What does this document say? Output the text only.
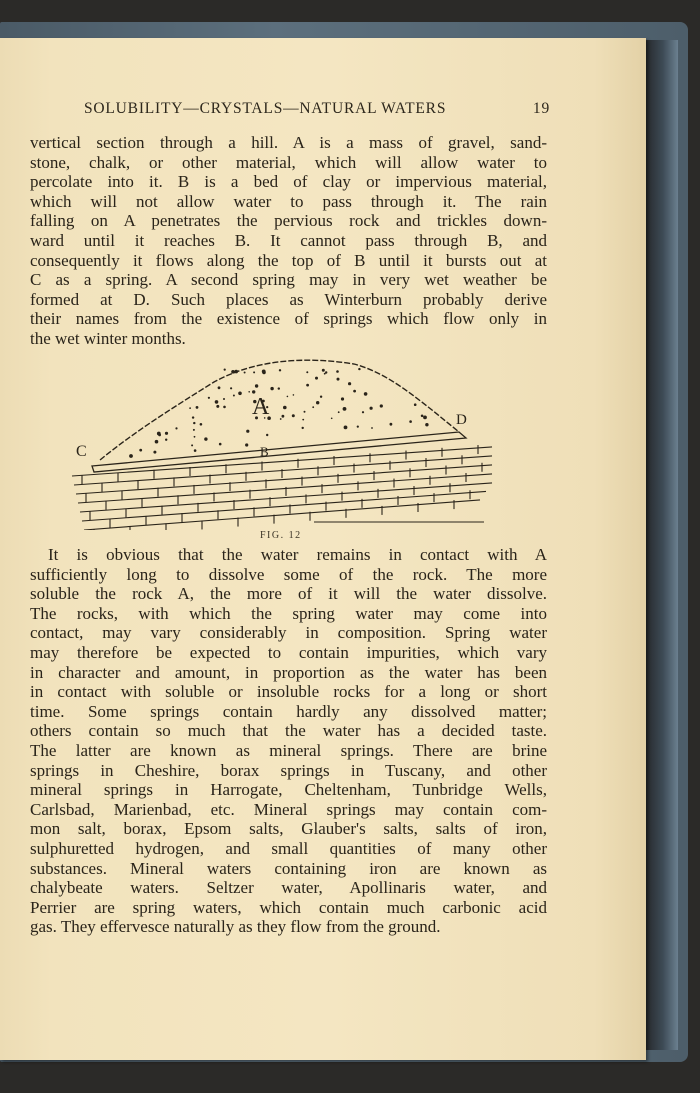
SOLUBILITY—CRYSTALS—NATURAL WATERS	19
vertical section through a hill. A is a mass of gravel, sand-
stone, chalk, or other material, which will allow water to
percolate into it. B is a bed of clay or impervious material,
which will not allow water to pass through it. The rain
falling on A penetrates the pervious rock and trickles down-
ward until it reaches B. It cannot pass through B, and
consequently it flows along the top of B until it bursts out at
C as a spring. A second spring may in very wet weather be
formed at D. Such places as Winterburn probably derive
their names from the existence of springs which flow only in
the wet winter months.
A
B
C
D
FIG. 12
It is obvious that the water remains in contact with A
sufficiently long to dissolve some of the rock. The more
soluble the rock A, the more of it will the water dissolve.
The rocks, with which the spring water may come into
contact, may vary considerably in composition. Spring water
may therefore be expected to contain impurities, which vary
in character and amount, in proportion as the water has been
in contact with soluble or insoluble rocks for a long or short
time. Some springs contain hardly any dissolved matter;
others contain so much that the water has a decided taste.
The latter are known as mineral springs. There are brine
springs in Cheshire, borax springs in Tuscany, and other
mineral springs in Harrogate, Cheltenham, Tunbridge Wells,
Carlsbad, Marienbad, etc. Mineral springs may contain com-
mon salt, borax, Epsom salts, Glauber's salts, salts of iron,
sulphuretted hydrogen, and small quantities of many other
substances. Mineral waters containing iron are known as
chalybeate waters. Seltzer water, Apollinaris water, and
Perrier are spring waters, which contain much carbonic acid
gas. They effervesce naturally as they flow from the ground.
